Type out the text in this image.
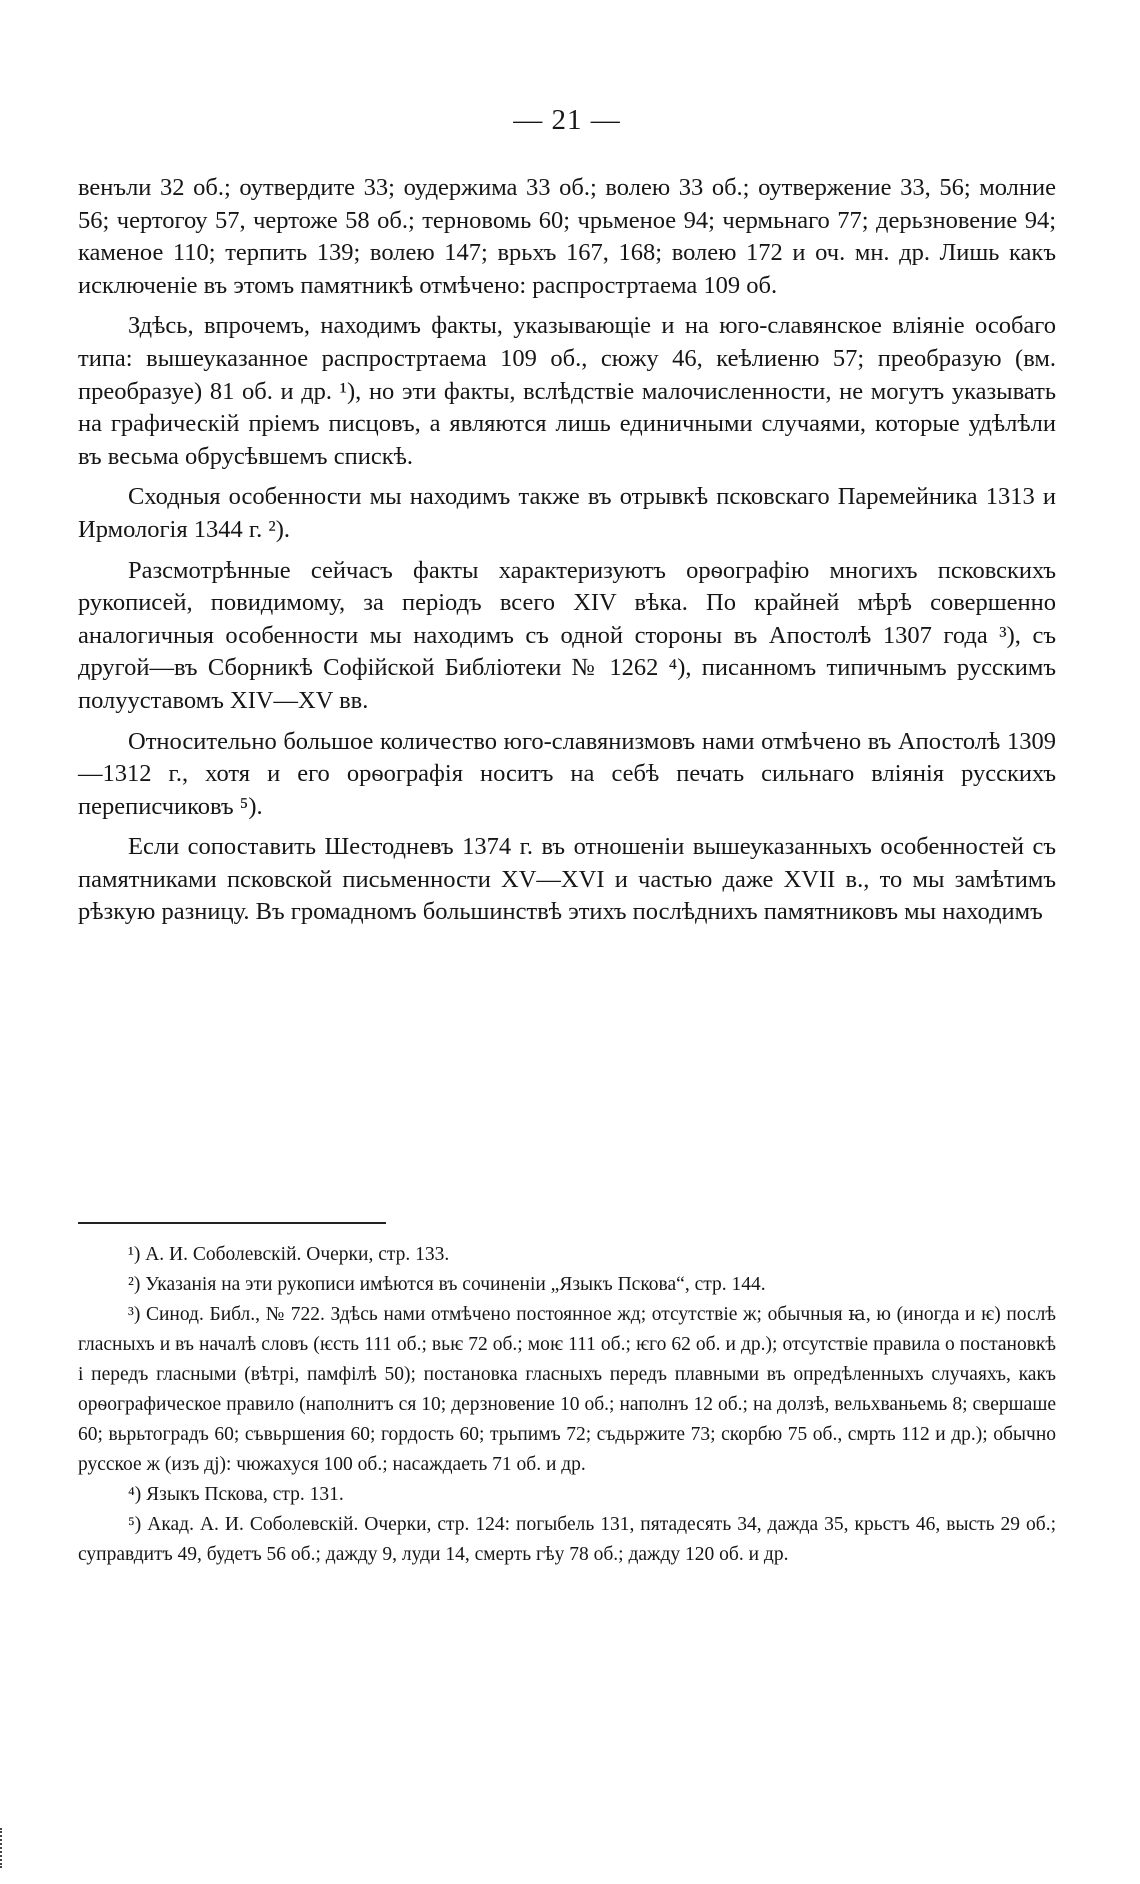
— 21 —

венъли 32 об.; оутвердите 33; оудержима 33 об.; волею 33 об.; оутвержение 33, 56; молние 56; чертогоу 57, чертоже 58 об.; терновомь 60; чрьменое 94; чермьнаго 77; дерьзновение 94; каменое 110; терпить 139; волею 147; врьхъ 167, 168; волею 172 и оч. мн. др. Лишь какъ исключеніе въ этомъ памятникѣ отмѣчено: распростртаема 109 об.

Здѣсь, впрочемъ, находимъ факты, указывающіе и на юго-славянское вліяніе особаго типа: вышеуказанное распростртаема 109 об., сюжу 46, кеѣлиеню 57; преобразую (вм. преобразуе) 81 об. и др. ¹), но эти факты, вслѣдствіе малочисленности, не могутъ указывать на графическій пріемъ писцовъ, а являются лишь единичными случаями, которые удѣлѣли въ весьма обрусѣвшемъ спискѣ.

Сходныя особенности мы находимъ также въ отрывкѣ псковскаго Паремейника 1313 и Ирмологія 1344 г. ²).

Разсмотрѣнные сейчасъ факты характеризуютъ орѳографію многихъ псковскихъ рукописей, повидимому, за періодъ всего XIV вѣка. По крайней мѣрѣ совершенно аналогичныя особенности мы находимъ съ одной стороны въ Апостолѣ 1307 года ³), съ другой—въ Сборникѣ Софійской Библіотеки № 1262 ⁴), писанномъ типичнымъ русскимъ полууставомъ XIV—XV вв.

Относительно большое количество юго-славянизмовъ нами отмѣчено въ Апостолѣ 1309—1312 г., хотя и его орѳографія носитъ на себѣ печать сильнаго вліянія русскихъ переписчиковъ ⁵).

Если сопоставить Шестодневъ 1374 г. въ отношеніи вышеуказанныхъ особенностей съ памятниками псковской письменности XV—XVI и частью даже XVII в., то мы замѣтимъ рѣзкую разницу. Въ громадномъ большинствѣ этихъ послѣднихъ памятниковъ мы находимъ

¹) А. И. Соболевскій. Очерки, стр. 133.

²) Указанія на эти рукописи имѣются въ сочиненіи „Языкъ Пскова“, стр. 144.

³) Синод. Библ., № 722. Здѣсь нами отмѣчено постоянное жд; отсутствіе ж; обычныя ꙗ, ю (иногда и ѥ) послѣ гласныхъ и въ началѣ словъ (ѥсть 111 об.; вьѥ 72 об.; моѥ 111 об.; ѥго 62 об. и др.); отсутствіе правила о постановкѣ і передъ гласными (вѣтрі, памфілѣ 50); постановка гласныхъ передъ плавными въ опредѣленныхъ случаяхъ, какъ орѳографическое правило (наполнитъ ся 10; дерзновение 10 об.; наполнъ 12 об.; на долзѣ, вельхваньемь 8; свершаше 60; вьрьтоградъ 60; съвьршения 60; гордость 60; трьпимъ 72; съдьржите 73; скорбю 75 об., смрть 112 и др.); обычно русское ж (изъ дј): чюжахуся 100 об.; насаждаеть 71 об. и др.

⁴) Языкъ Пскова, стр. 131.

⁵) Акад. А. И. Соболевскій. Очерки, стр. 124: погыбель 131, пятадесять 34, дажда 35, крьстъ 46, высть 29 об.; суправдитъ 49, будетъ 56 об.; дажду 9, луди 14, смерть гѣу 78 об.; дажду 120 об. и др.
